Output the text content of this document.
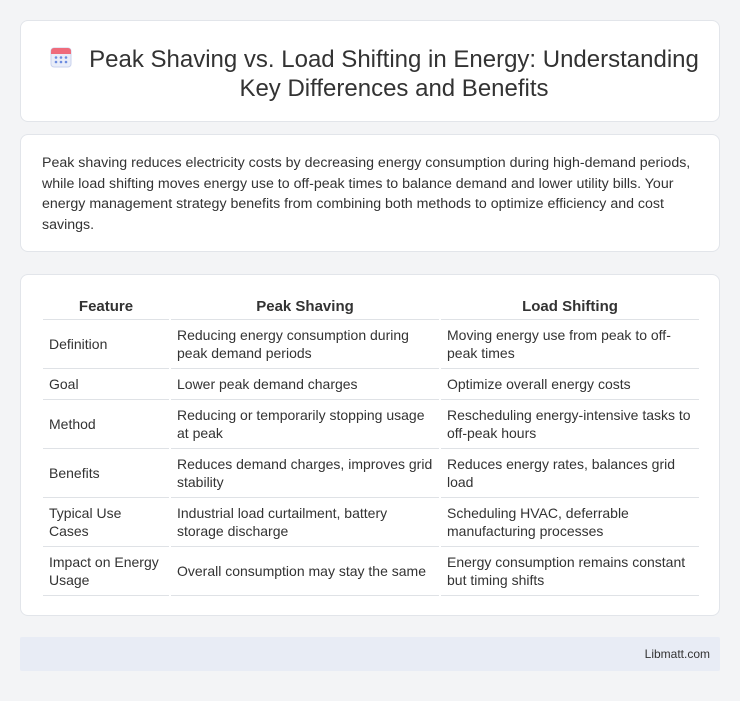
Peak Shaving vs. Load Shifting in Energy: Understanding Key Differences and Benefits

Peak shaving reduces electricity costs by decreasing energy consumption during high-demand periods, while load shifting moves energy use to off-peak times to balance demand and lower utility bills. Your energy management strategy benefits from combining both methods to optimize efficiency and cost savings.

Feature	Peak Shaving	Load Shifting
Definition	Reducing energy consumption during peak demand periods	Moving energy use from peak to off-peak times
Goal	Lower peak demand charges	Optimize overall energy costs
Method	Reducing or temporarily stopping usage at peak	Rescheduling energy-intensive tasks to off-peak hours
Benefits	Reduces demand charges, improves grid stability	Reduces energy rates, balances grid load
Typical Use Cases	Industrial load curtailment, battery storage discharge	Scheduling HVAC, deferrable manufacturing processes
Impact on Energy Usage	Overall consumption may stay the same	Energy consumption remains constant but timing shifts
Libmatt.com
